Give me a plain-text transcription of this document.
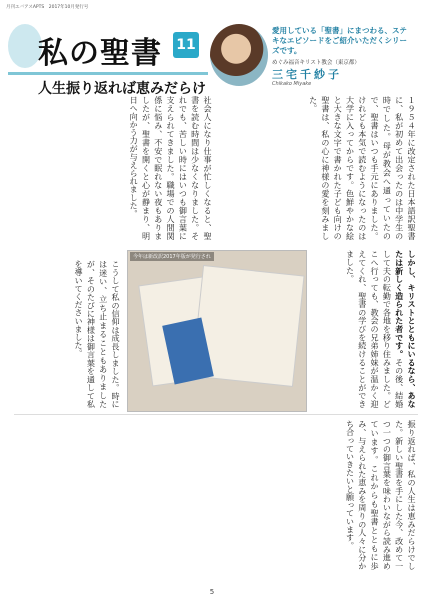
月刊エバアスAPTS　2017年10月発行号
私の聖書 11
人生振り返れば恵みだらけ
愛用している「聖書」にまつわる、ステキなエピソードをご紹介いただくシリーズです。
めぐみ福音キリスト教会（東京都）
三宅千紗子
Chikako Miyake
１９５４年に改定された日本語訳聖書に、私が初めて出会ったのは中学生の時でした。母が教会へ通っていたので、聖書はいつも手元にありました。けれども本気で読むようになったのは大学に入ってからです。色鮮やかな絵と大きな文字で書かれた子ども向けの聖書は、私の心に神様の愛を刻みました。
社会人になり仕事が忙しくなると、聖書を読む時間は少なくなりました。それでも、苦しい時にはいつも御言葉に支えられてきました。職場での人間関係に悩み、不安で眠れない夜もありましたが、聖書を開くと心が静まり、明日へ向かう力が与えられました。
今年は新改訳2017年版が発行され
こうして私の信仰は成長しました。時には迷い、立ち止まることもありましたが、そのたびに神様は御言葉を通して私を導いてくださいました。	しかし、キリストとともにいるなら、あなたは新しく造られた者です。その後、結婚して夫の転勤で各地を移り住みました。どこへ行っても、教会の兄弟姉妹が温かく迎えてくれ、聖書の学びを続けることができました。
振り返れば、私の人生は恵みだらけでした。新しい聖書を手にした今、改めて一つ一つの御言葉を味わいながら読み進めています。これからも聖書とともに歩み、与えられた恵みを周りの人々に分かち合っていきたいと願っています。
5
